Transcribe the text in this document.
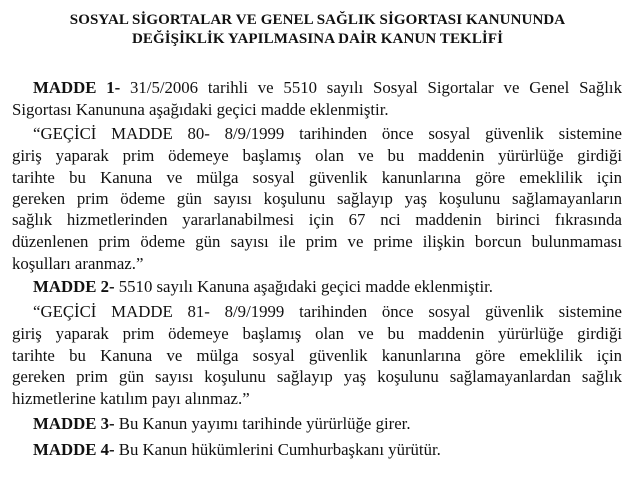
SOSYAL SİGORTALAR VE GENEL SAĞLIK SİGORTASI KANUNUNDA
DEĞİŞİKLİK YAPILMASINA DAİR KANUN TEKLİFİ
MADDE 1- 31/5/2006 tarihli ve 5510 sayılı Sosyal Sigortalar ve Genel Sağlık
Sigortası Kanununa aşağıdaki geçici madde eklenmiştir.
“GEÇİCİ MADDE 80- 8/9/1999 tarihinden önce sosyal güvenlik sistemine
giriş yaparak prim ödemeye başlamış olan ve bu maddenin yürürlüğe girdiği
tarihte bu Kanuna ve mülga sosyal güvenlik kanunlarına göre emeklilik için
gereken prim ödeme gün sayısı koşulunu sağlayıp yaş koşulunu sağlamayanların
sağlık hizmetlerinden yararlanabilmesi için 67 nci maddenin birinci fıkrasında
düzenlenen prim ödeme gün sayısı ile prim ve prime ilişkin borcun bulunmaması
koşulları aranmaz.”
MADDE 2- 5510 sayılı Kanuna aşağıdaki geçici madde eklenmiştir.
“GEÇİCİ MADDE 81- 8/9/1999 tarihinden önce sosyal güvenlik sistemine
giriş yaparak prim ödemeye başlamış olan ve bu maddenin yürürlüğe girdiği
tarihte bu Kanuna ve mülga sosyal güvenlik kanunlarına göre emeklilik için
gereken prim gün sayısı koşulunu sağlayıp yaş koşulunu sağlamayanlardan sağlık
hizmetlerine katılım payı alınmaz.”
MADDE 3- Bu Kanun yayımı tarihinde yürürlüğe girer.
MADDE 4- Bu Kanun hükümlerini Cumhurbaşkanı yürütür.
